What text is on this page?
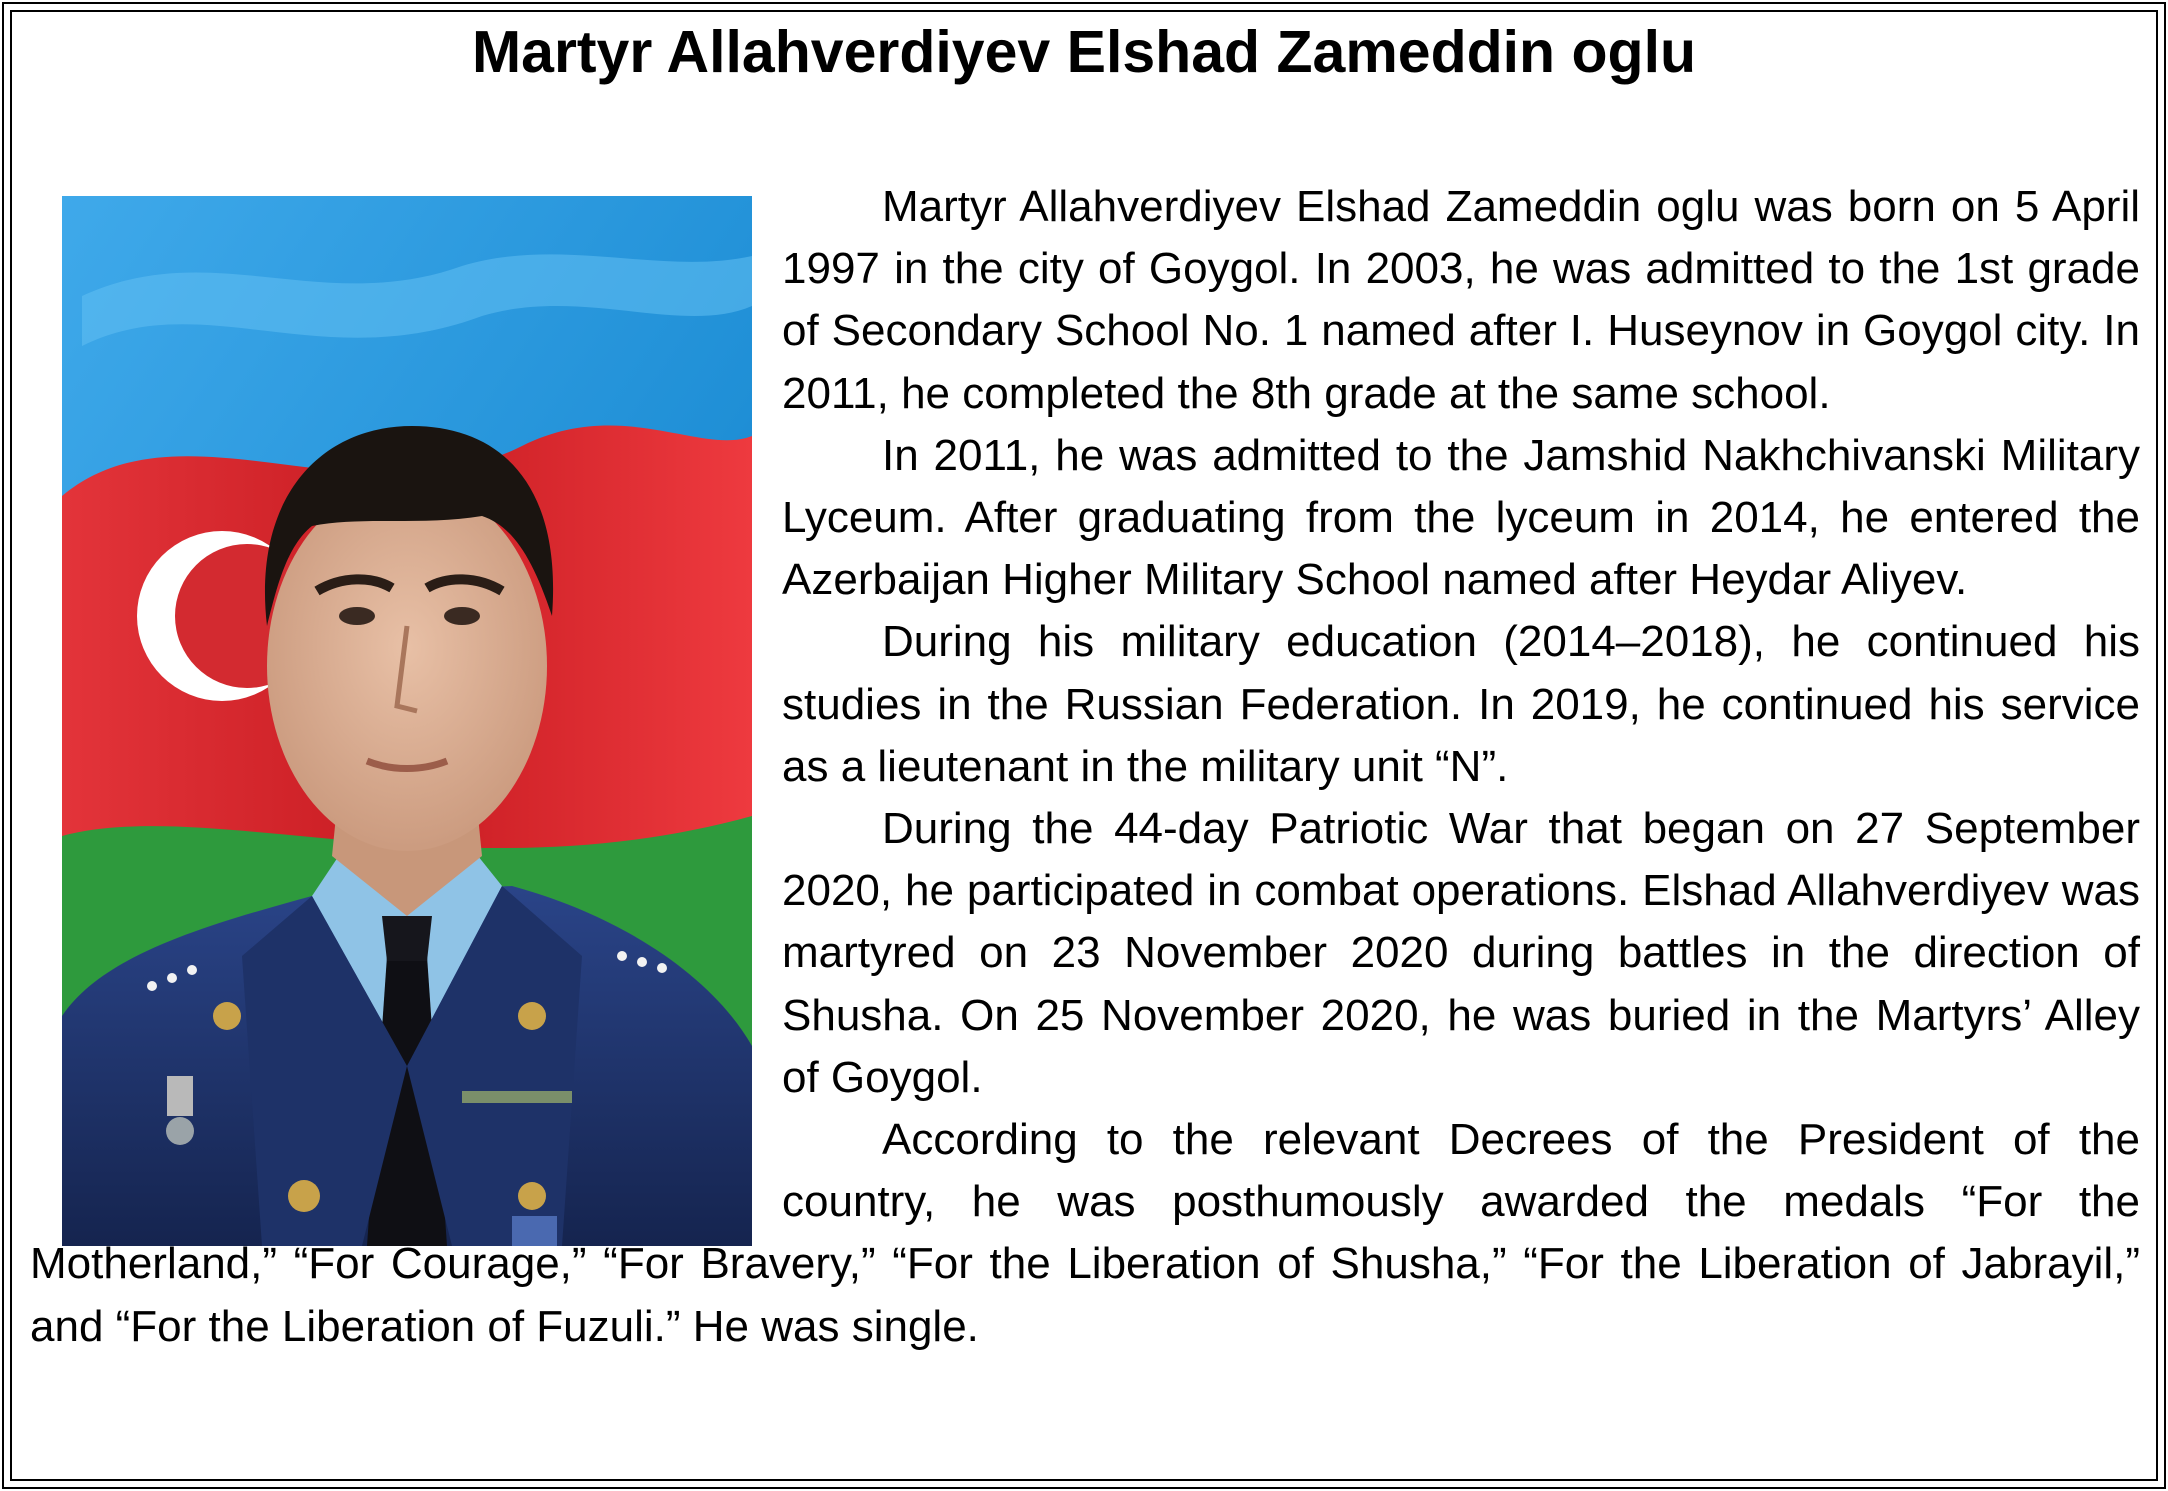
Martyr Allahverdiyev Elshad Zameddin oglu

Martyr Allahverdiyev Elshad Zameddin oglu was born on 5 April 1997 in the city of Goygol. In 2003, he was admitted to the 1st grade of Secondary School No. 1 named after I. Huseynov in Goygol city. In 2011, he completed the 8th grade at the same school.

In 2011, he was admitted to the Jamshid Nakhchivanski Military Lyceum. After graduating from the lyceum in 2014, he entered the Azerbaijan Higher Military School named after Heydar Aliyev.

During his military education (2014–2018), he continued his studies in the Russian Federation. In 2019, he continued his service as a lieutenant in the military unit “N”.

During the 44-day Patriotic War that began on 27 September 2020, he participated in combat operations. Elshad Allahverdiyev was martyred on 23 November 2020 during battles in the direction of Shusha. On 25 November 2020, he was buried in the Martyrs’ Alley of Goygol.

According to the relevant Decrees of the President of the country, he was posthumously awarded the medals “For the Motherland,” “For Courage,” “For Bravery,” “For the Liberation of Shusha,” “For the Liberation of Jabrayil,” and “For the Liberation of Fuzuli.” He was single.
